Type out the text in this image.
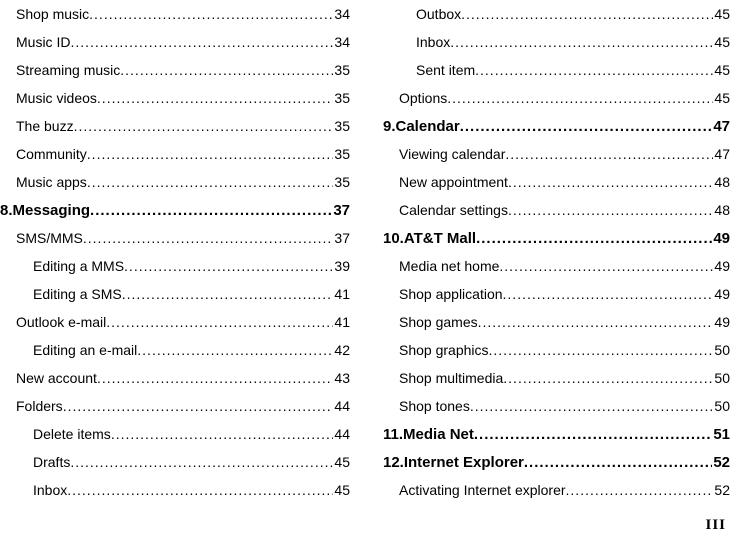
Shop music .....	34
Music ID .....	34
Streaming music .....	35
Music videos .....	35
The buzz .....	35
Community .....	35
Music apps .....	35
8.Messaging .....	37
SMS/MMS .....	37
Editing a MMS .....	39
Editing a SMS .....	41
Outlook e-mail .....	41
Editing an e-mail .....	42
New account .....	43
Folders .....	44
Delete items .....	44
Drafts .....	45
Inbox .....	45
Outbox .....	45
Inbox .....	45
Sent item .....	45
Options .....	45
9.Calendar .....	47
Viewing calendar .....	47
New appointment .....	48
Calendar settings .....	48
10.AT&T Mall .....	49
Media net home .....	49
Shop application .....	49
Shop games .....	49
Shop graphics .....	50
Shop multimedia .....	50
Shop tones .....	50
11.Media Net .....	51
12.Internet Explorer .....	52
Activating Internet explorer .....	52
III
